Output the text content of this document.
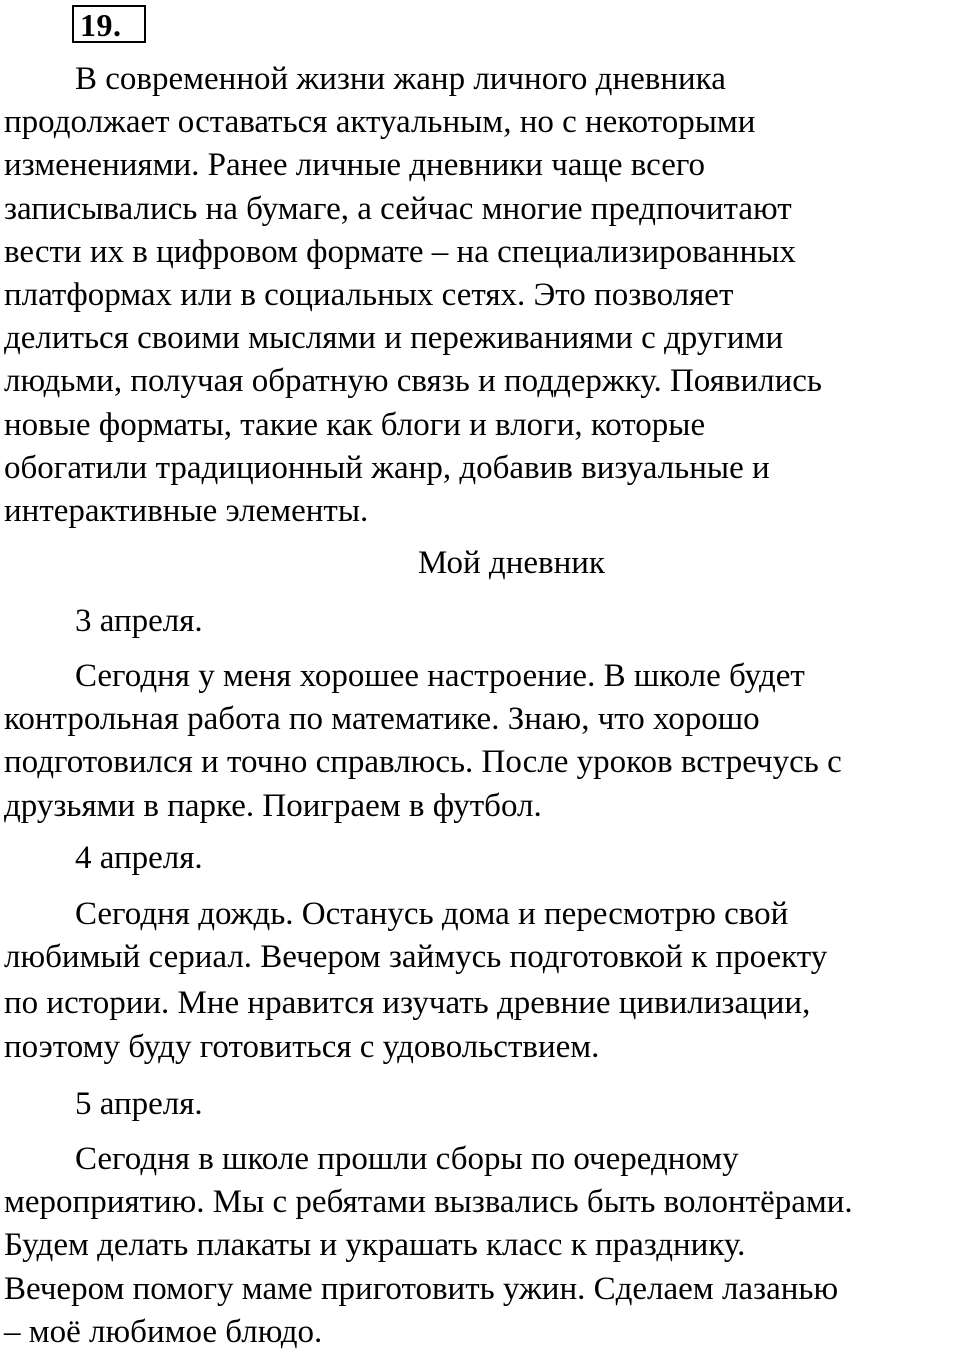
19.

В современной жизни жанр личного дневника
продолжает оставаться актуальным, но с некоторыми
изменениями. Ранее личные дневники чаще всего
записывались на бумаге, а сейчас многие предпочитают
вести их в цифровом формате – на специализированных
платформах или в социальных сетях. Это позволяет
делиться своими мыслями и переживаниями с другими
людьми, получая обратную связь и поддержку. Появились
новые форматы, такие как блоги и влоги, которые
обогатили традиционный жанр, добавив визуальные и
интерактивные элементы.

Мой дневник

3 апреля.

Сегодня у меня хорошее настроение. В школе будет
контрольная работа по математике. Знаю, что хорошо
подготовился и точно справлюсь. После уроков встречусь с
друзьями в парке. Поиграем в футбол.

4 апреля.

Сегодня дождь. Останусь дома и пересмотрю свой
любимый сериал. Вечером займусь подготовкой к проекту
по истории. Мне нравится изучать древние цивилизации,
поэтому буду готовиться с удовольствием.

5 апреля.

Сегодня в школе прошли сборы по очередному
мероприятию. Мы с ребятами вызвались быть волонтёрами.
Будем делать плакаты и украшать класс к празднику.
Вечером помогу маме приготовить ужин. Сделаем лазанью
– моё любимое блюдо.
